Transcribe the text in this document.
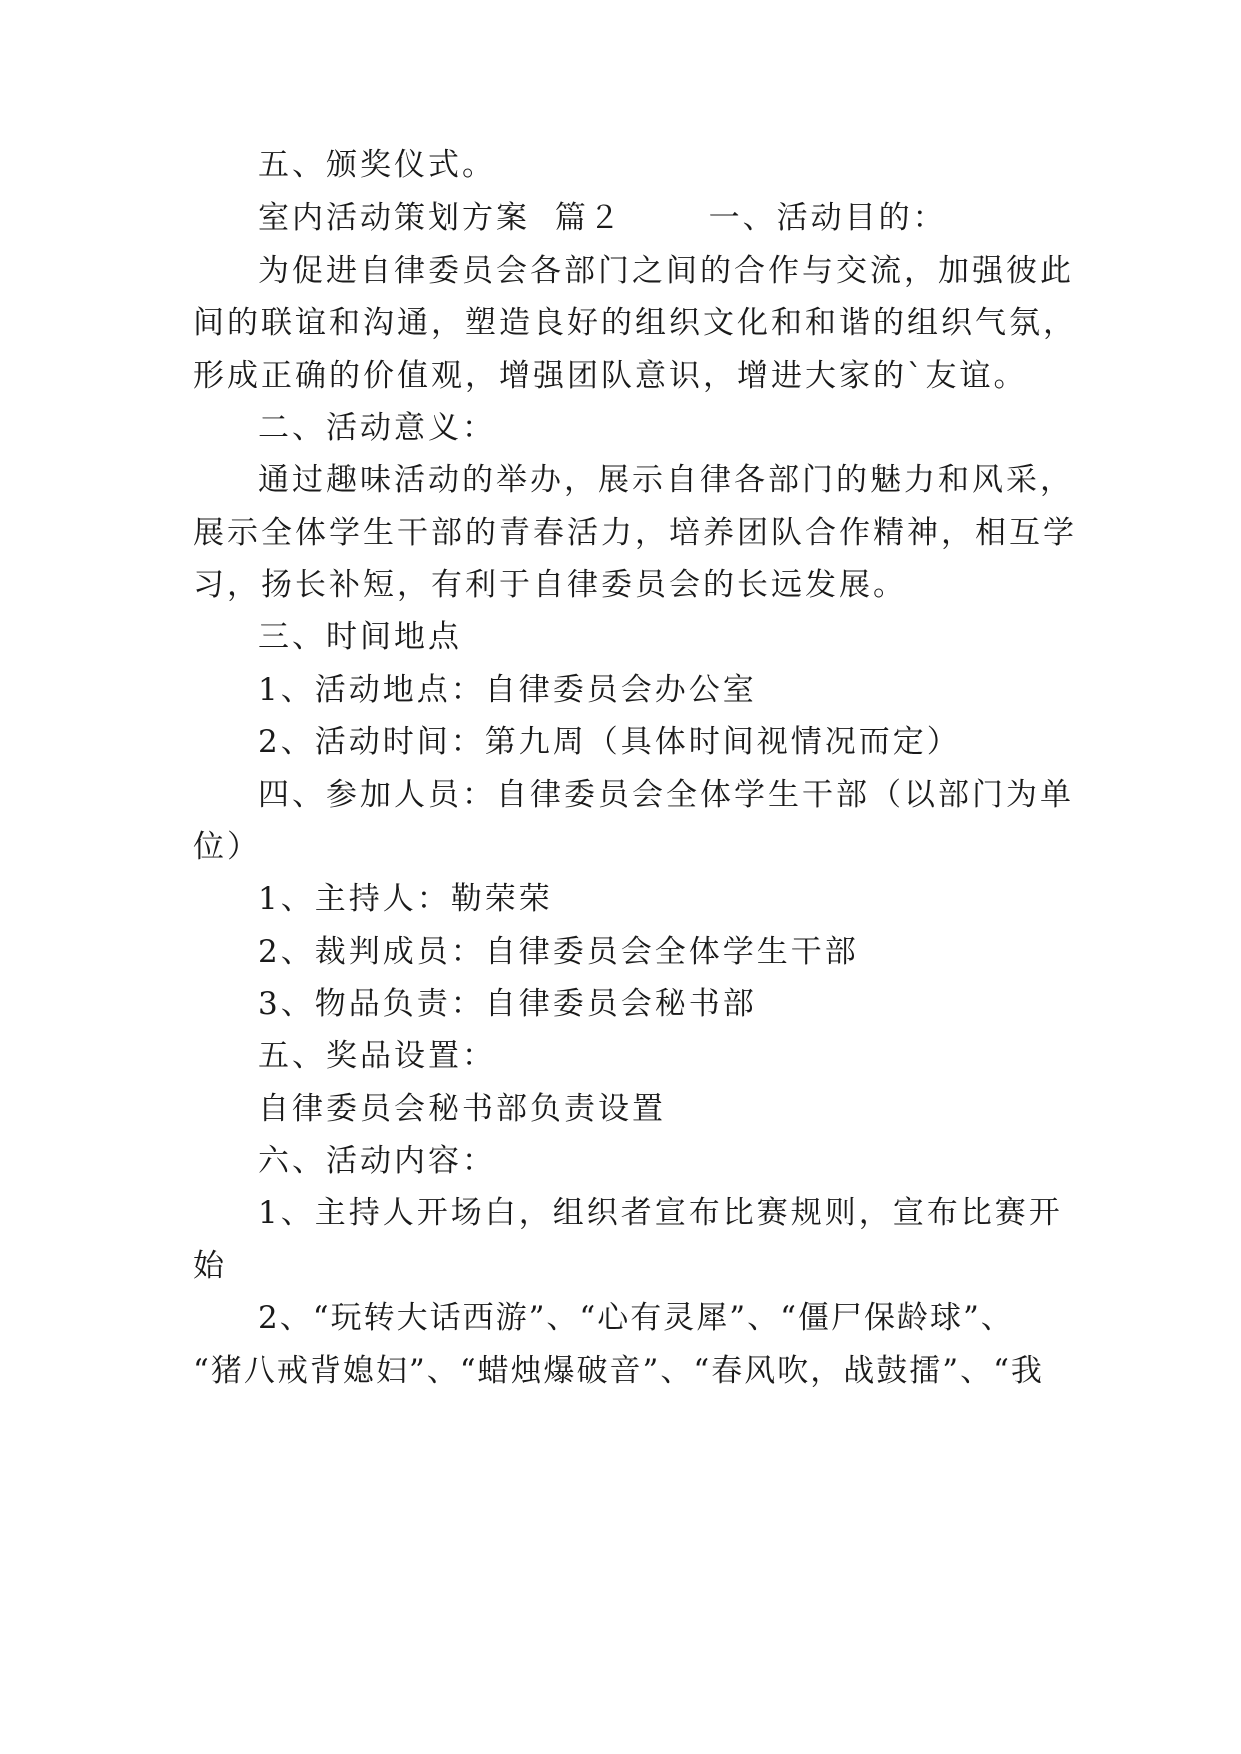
五、颁奖仪式。
室内活动策划方案 篇２	一、活动目的：
为促进自律委员会各部门之间的合作与交流，加强彼此
间的联谊和沟通，塑造良好的组织文化和和谐的组织气氛，
形成正确的价值观，增强团队意识，增进大家的`友谊。
二、活动意义：
通过趣味活动的举办，展示自律各部门的魅力和风采，
展示全体学生干部的青春活力，培养团队合作精神，相互学
习，扬长补短，有利于自律委员会的长远发展。
三、时间地点
1、活动地点：自律委员会办公室
2、活动时间：第九周（具体时间视情况而定）
四、参加人员：自律委员会全体学生干部（以部门为单
位）
1、主持人：勒荣荣
2、裁判成员：自律委员会全体学生干部
3、物品负责：自律委员会秘书部
五、奖品设置：
自律委员会秘书部负责设置
六、活动内容：
1、主持人开场白，组织者宣布比赛规则，宣布比赛开
始
2、“玩转大话西游”、“心有灵犀”、“僵尸保龄球”、
“猪八戒背媳妇”、“蜡烛爆破音”、“春风吹，战鼓擂”、“我
